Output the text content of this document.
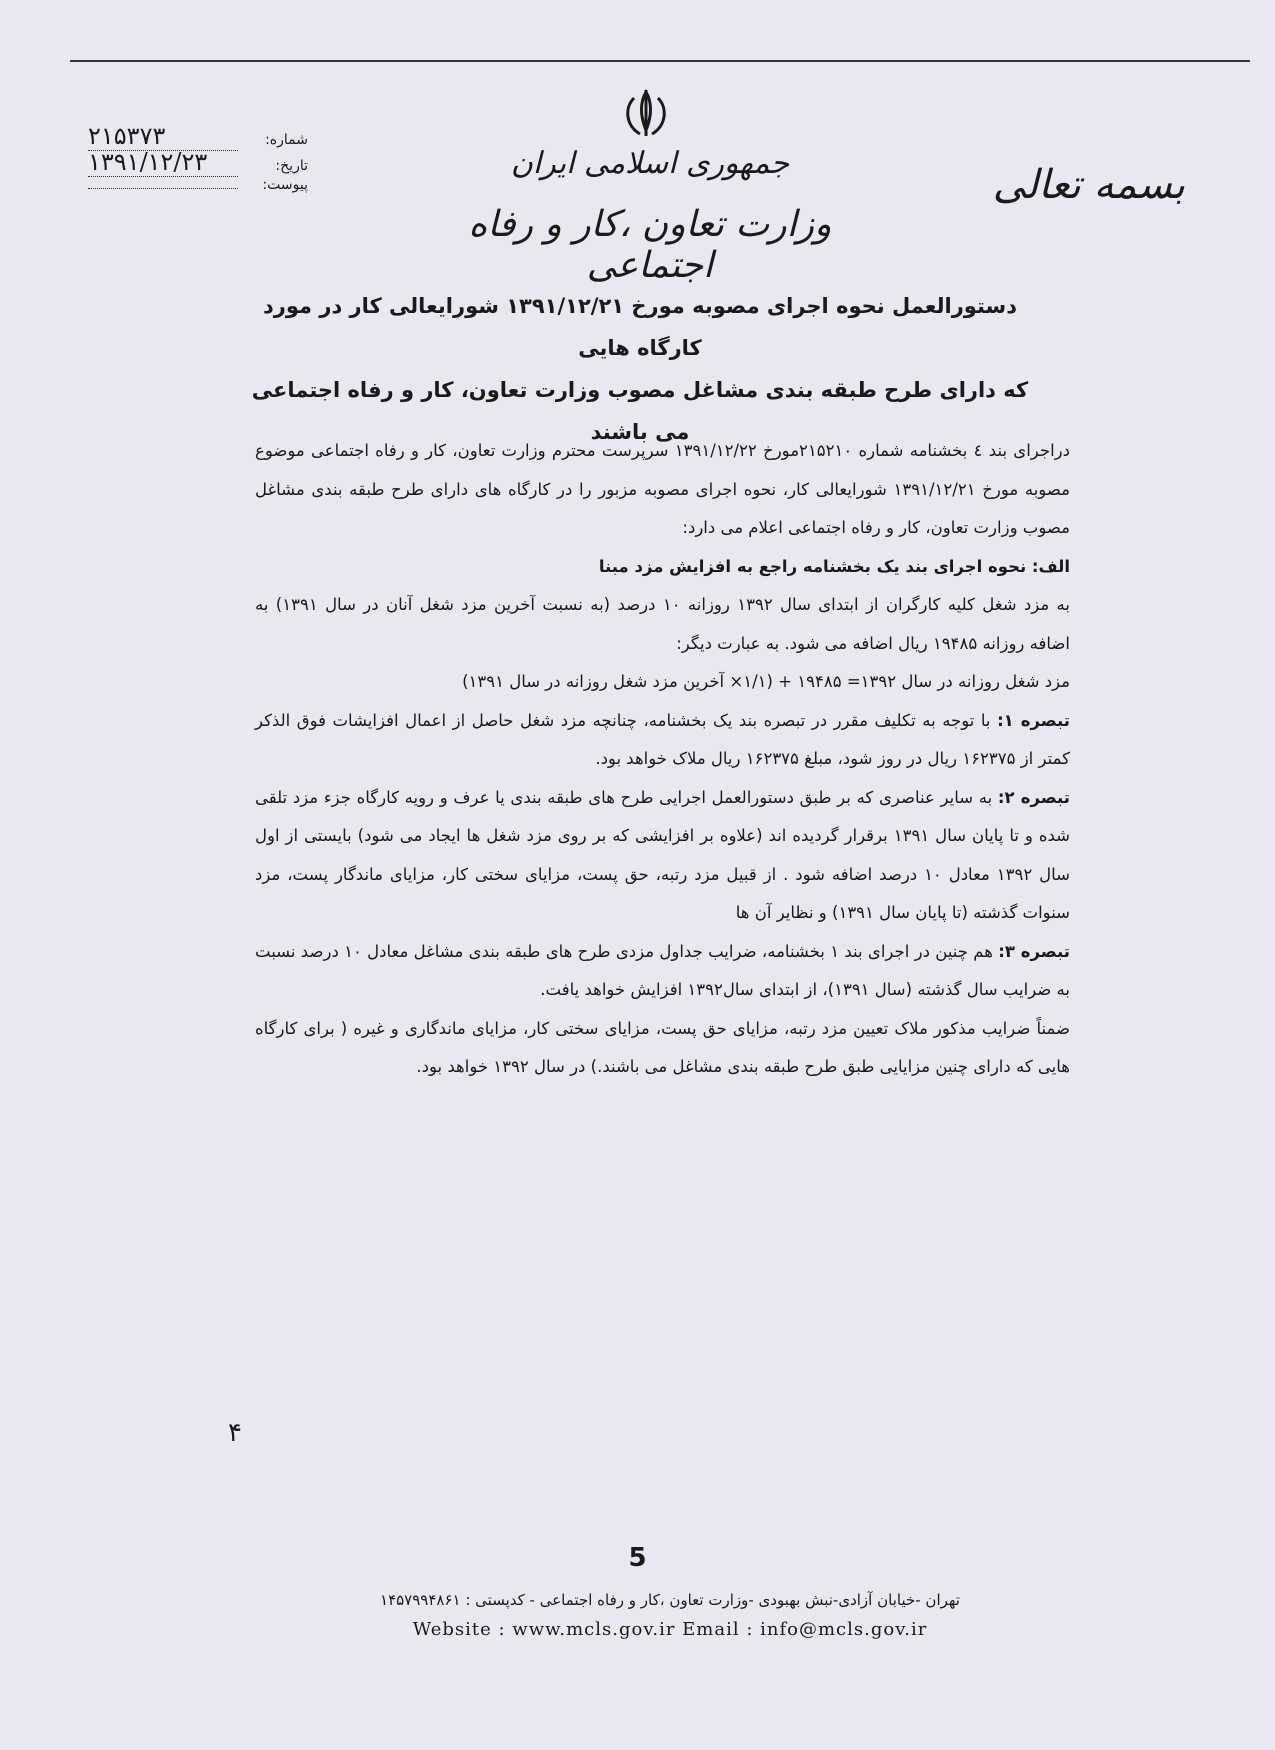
بسمه تعالی
جمهوری اسلامی ایران
وزارت تعاون ،کار و رفاه اجتماعی
شماره:
۲۱۵۳۷۳
تاریخ:
۱۳۹۱/۱۲/۲۳
پیوست:
دستورالعمل نحوه اجرای مصوبه مورخ ۱۳۹۱/۱۲/۲۱ شورایعالی کار در مورد کارگاه هایی
که دارای طرح طبقه بندی مشاغل مصوب وزارت تعاون، کار و رفاه اجتماعی می باشند

دراجرای بند ٤ بخشنامه شماره ۲۱۵۲۱۰مورخ ۱۳۹۱/۱۲/۲۲ سرپرست محترم وزارت تعاون، کار و رفاه اجتماعی موضوع مصوبه مورخ ۱۳۹۱/۱۲/۲۱ شورایعالی کار، نحوه اجرای مصوبه مزبور را در کارگاه های دارای طرح طبقه بندی مشاغل مصوب وزارت تعاون، کار و رفاه اجتماعی اعلام می دارد:

الف: نحوه اجرای بند یک بخشنامه راجع به افزایش مزد مبنا

به مزد شغل کلیه کارگران از ابتدای سال ۱۳۹۲ روزانه ۱۰ درصد (به نسبت آخرین مزد شغل آنان در سال ۱۳۹۱) به اضافه روزانه ۱۹۴۸۵ ریال اضافه می شود. به عبارت دیگر:

مزد شغل روزانه در سال ۱۳۹۲= ۱۹۴۸۵ + (۱/۱× آخرین مزد شغل روزانه در سال ۱۳۹۱)

تبصره ۱: با توجه به تکلیف مقرر در تبصره بند یک بخشنامه، چنانچه مزد شغل حاصل از اعمال افزایشات فوق الذکر کمتر از ۱۶۲۳۷۵ ریال در روز شود، مبلغ ۱۶۲۳۷۵ ریال ملاک خواهد بود.

تبصره ۲: به سایر عناصری که بر طبق دستورالعمل اجرایی طرح های طبقه بندی یا عرف و رویه کارگاه جزء مزد تلقی شده و تا پایان سال ۱۳۹۱ برقرار گردیده اند (علاوه بر افزایشی که بر روی مزد شغل ها ایجاد می شود) بایستی از اول سال ۱۳۹۲ معادل ۱۰ درصد اضافه شود . از قبیل مزد رتبه، حق پست، مزایای سختی کار، مزایای ماندگار پست، مزد سنوات گذشته (تا پایان سال ۱۳۹۱) و نظایر آن ها

تبصره ۳: هم چنین در اجرای بند ۱ بخشنامه، ضرایب جداول مزدی طرح های طبقه بندی مشاغل معادل ۱۰ درصد نسبت به ضرایب سال گذشته (سال ۱۳۹۱)، از ابتدای سال۱۳۹۲ افزایش خواهد یافت.

ضمناً ضرایب مذکور ملاک تعیین مزد رتبه، مزایای حق پست، مزایای سختی کار، مزایای ماندگاری و غیره ( برای کارگاه هایی که دارای چنین مزایایی طبق طرح طبقه بندی مشاغل می باشند.) در سال ۱۳۹۲ خواهد بود.

۴
5
تهران -خیابان آزادی-نبش بهبودی -وزارت تعاون ،کار و رفاه اجتماعی - کدپستی : ۱۴۵۷۹۹۴۸۶۱
Website : www.mcls.gov.ir Email : info@mcls.gov.ir
